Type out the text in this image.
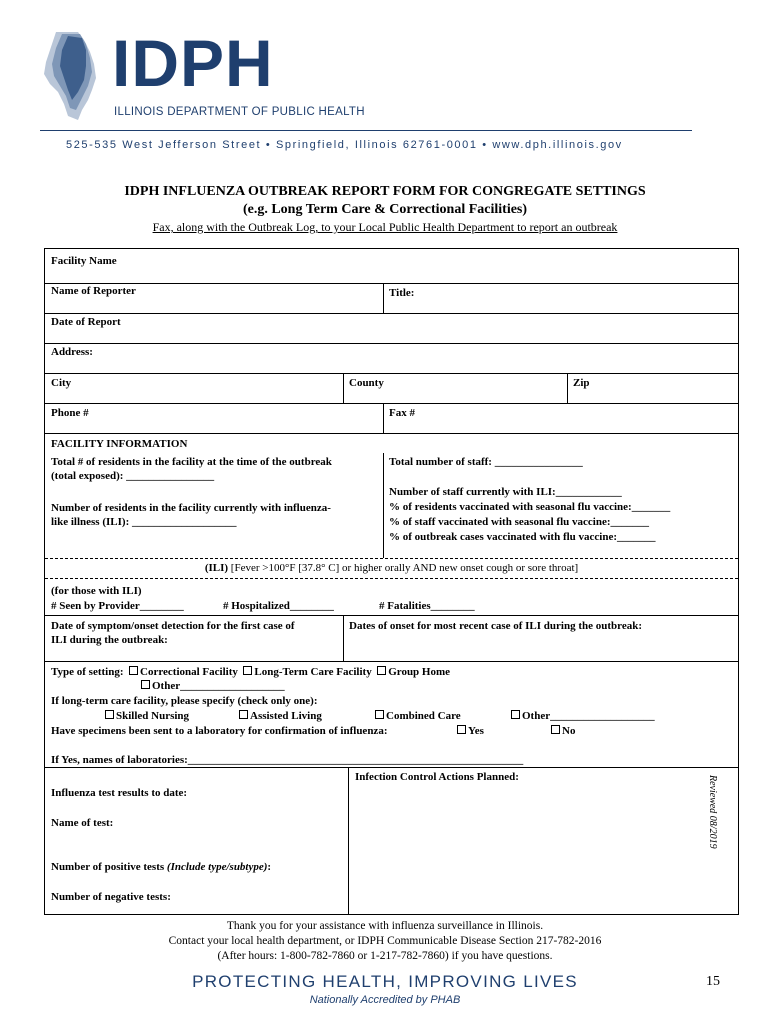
IDPH
ILLINOIS DEPARTMENT OF PUBLIC HEALTH
525-535 West Jefferson Street • Springfield, Illinois 62761-0001 • www.dph.illinois.gov
IDPH INFLUENZA OUTBREAK REPORT FORM FOR CONGREGATE SETTINGS
(e.g. Long Term Care & Correctional Facilities)
Fax, along with the Outbreak Log, to your Local Public Health Department to report an outbreak
Facility Name
Name of Reporter	Title:
Date of Report
Address:
City	County	Zip
Phone #	Fax #
FACILITY INFORMATION
Total # of residents in the facility at the time of the outbreak
(total exposed): ________________
Total number of staff: ________________
Number of residents in the facility currently with influenza-
like illness (ILI): ___________________
Number of staff currently with ILI:____________
% of residents vaccinated with seasonal flu vaccine:_______
% of staff vaccinated with seasonal flu vaccine:_______
% of outbreak cases vaccinated with flu vaccine:_______
(ILI) [Fever >100°F [37.8° C] or higher orally AND new onset cough or sore throat]
(for those with ILI)
# Seen by Provider________	# Hospitalized________	# Fatalities________
Date of symptom/onset detection for the first case of
ILI during the outbreak:
Dates of onset for most recent case of ILI during the outbreak:
Type of setting: Correctional Facility Long-Term Care Facility Group Home
Other___________________
If long-term care facility, please specify (check only one):
Skilled Nursing	Assisted Living	Combined Care	Other___________________
Have specimens been sent to a laboratory for confirmation of influenza:	Yes	No
If Yes, names of laboratories:_____________________________________________________________
Infection Control Actions Planned:
Influenza test results to date:
Name of test:
Number of positive tests (Include type/subtype):
Number of negative tests:
Reviewed 08/2019
Thank you for your assistance with influenza surveillance in Illinois.
Contact your local health department, or IDPH Communicable Disease Section 217-782-2016
(After hours: 1-800-782-7860 or 1-217-782-7860) if you have questions.
15
PROTECTING HEALTH, IMPROVING LIVES
Nationally Accredited by PHAB
